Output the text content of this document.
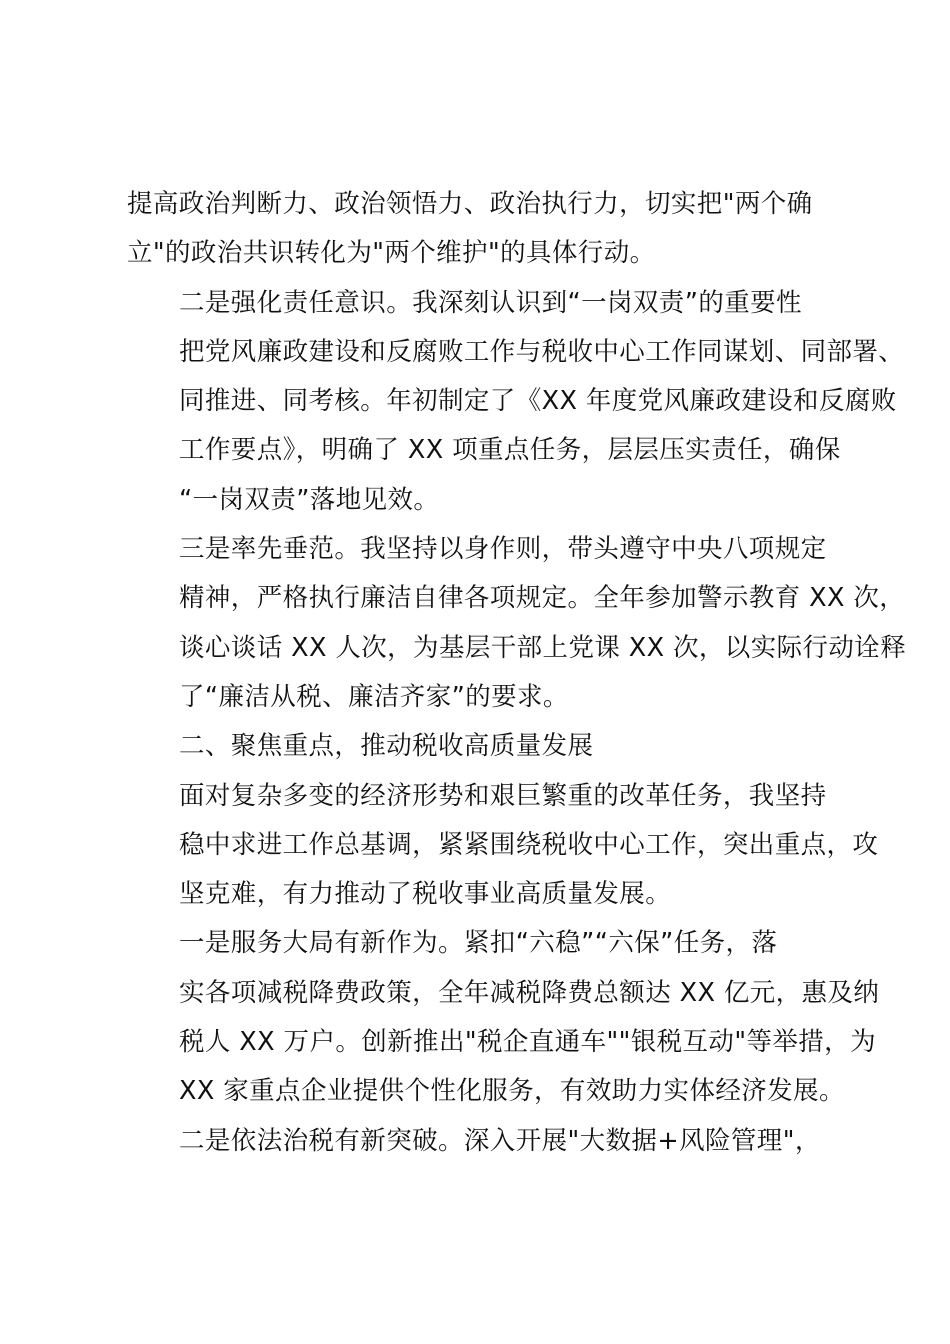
提高政治判断力、政治领悟力、政治执行力，切实把"两个确
立"的政治共识转化为"两个维护"的具体行动。

二是强化责任意识。我深刻认识到“一岗双责”的重要性
把党风廉政建设和反腐败工作与税收中心工作同谋划、同部署、
同推进、同考核。年初制定了《XX 年度党风廉政建设和反腐败
工作要点》，明确了 XX 项重点任务，层层压实责任，确保
“一岗双责”落地见效。

三是率先垂范。我坚持以身作则，带头遵守中央八项规定
精神，严格执行廉洁自律各项规定。全年参加警示教育 XX 次，
谈心谈话 XX 人次，为基层干部上党课 XX 次，以实际行动诠释
了“廉洁从税、廉洁齐家”的要求。

二、聚焦重点，推动税收高质量发展

面对复杂多变的经济形势和艰巨繁重的改革任务，我坚持
稳中求进工作总基调，紧紧围绕税收中心工作，突出重点，攻
坚克难，有力推动了税收事业高质量发展。

一是服务大局有新作为。紧扣“六稳”“六保”任务，落
实各项减税降费政策，全年减税降费总额达 XX 亿元，惠及纳
税人 XX 万户。创新推出"税企直通车""银税互动"等举措，为
XX 家重点企业提供个性化服务，有效助力实体经济发展。

二是依法治税有新突破。深入开展"大数据+风险管理"，
